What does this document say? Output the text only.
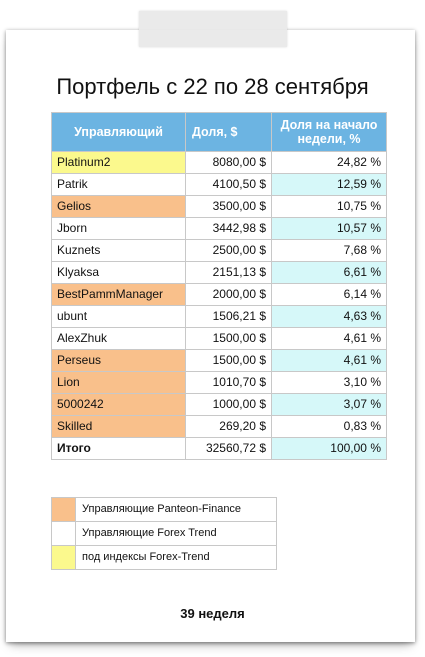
Портфель с 22 по 28 сентября
Управляющий	Доля, $	Доля на начало недели, %
Platinum2	8080,00 $	24,82 %
Patrik	4100,50 $	12,59 %
Gelios	3500,00 $	10,75 %
Jborn	3442,98 $	10,57 %
Kuznets	2500,00 $	7,68 %
Klyaksa	2151,13 $	6,61 %
BestPammManager	2000,00 $	6,14 %
ubunt	1506,21 $	4,63 %
AlexZhuk	1500,00 $	4,61 %
Perseus	1500,00 $	4,61 %
Lion	1010,70 $	3,10 %
5000242	1000,00 $	3,07 %
Skilled	269,20 $	0,83 %
Итого	32560,72 $	100,00 %
Управляющие Panteon-Finance
Управляющие Forex Trend
под индексы Forex-Trend
39 неделя
